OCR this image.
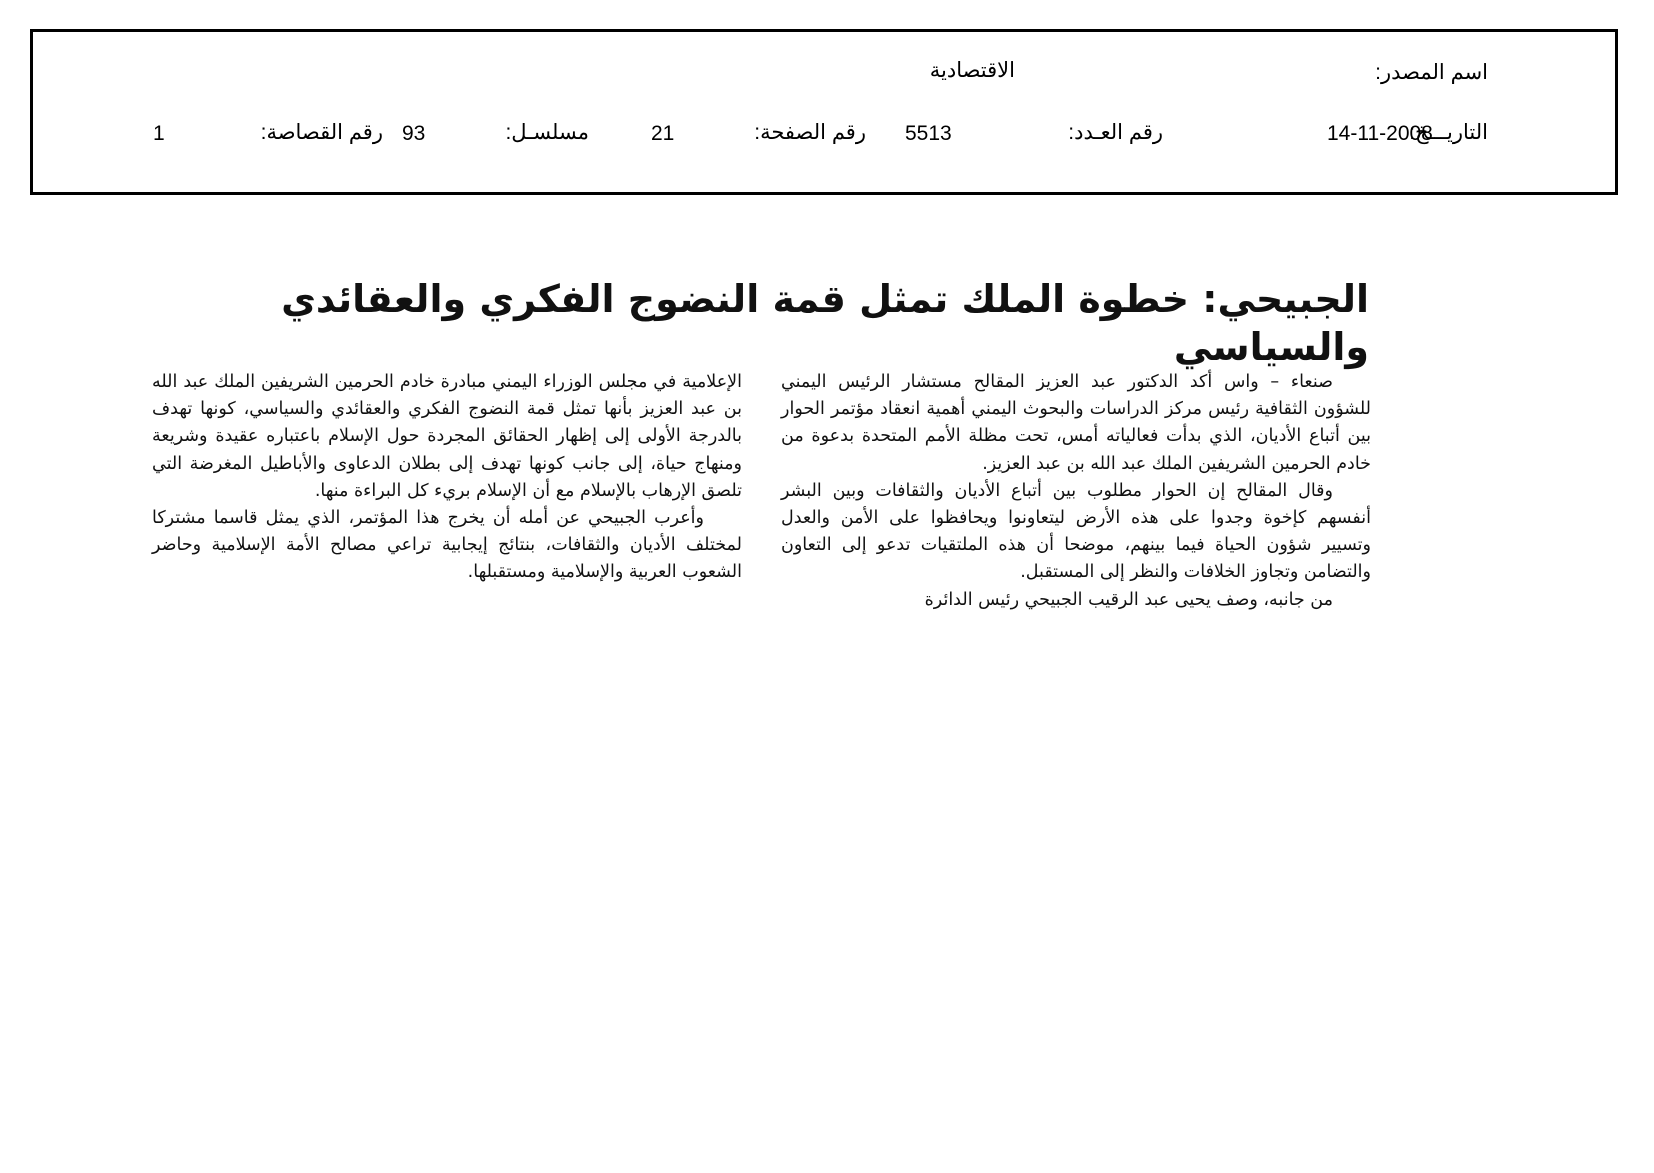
اسم المصدر:
الاقتصادية
التاريـــخ:
14-11-2008
رقم العـدد:
5513
رقم الصفحة:
21
مسلسـل:
93
رقم القصاصة:
1
الجبيحي: خطوة الملك تمثل قمة النضوج الفكري والعقائدي والسياسي

صنعاء – واس أكد الدكتور عبد العزيز المقالح مستشار الرئيس اليمني للشؤون الثقافية رئيس مركز الدراسات والبحوث اليمني أهمية انعقاد مؤتمر الحوار بين أتباع الأديان، الذي بدأت فعالياته أمس، تحت مظلة الأمم المتحدة بدعوة من خادم الحرمين الشريفين الملك عبد الله بن عبد العزيز.

وقال المقالح إن الحوار مطلوب بين أتباع الأديان والثقافات وبين البشر أنفسهم كإخوة وجدوا على هذه الأرض ليتعاونوا ويحافظوا على الأمن والعدل وتسيير شؤون الحياة فيما بينهم، موضحا أن هذه الملتقيات تدعو إلى التعاون والتضامن وتجاوز الخلافات والنظر إلى المستقبل.

من جانبه، وصف يحيى عبد الرقيب الجبيحي رئيس الدائرة

الإعلامية في مجلس الوزراء اليمني مبادرة خادم الحرمين الشريفين الملك عبد الله بن عبد العزيز بأنها تمثل قمة النضوج الفكري والعقائدي والسياسي، كونها تهدف بالدرجة الأولى إلى إظهار الحقائق المجردة حول الإسلام باعتباره عقيدة وشريعة ومنهاج حياة، إلى جانب كونها تهدف إلى بطلان الدعاوى والأباطيل المغرضة التي تلصق الإرهاب بالإسلام مع أن الإسلام بريء كل البراءة منها.

وأعرب الجبيحي عن أمله أن يخرج هذا المؤتمر، الذي يمثل قاسما مشتركا لمختلف الأديان والثقافات، بنتائج إيجابية تراعي مصالح الأمة الإسلامية وحاضر الشعوب العربية والإسلامية ومستقبلها.
